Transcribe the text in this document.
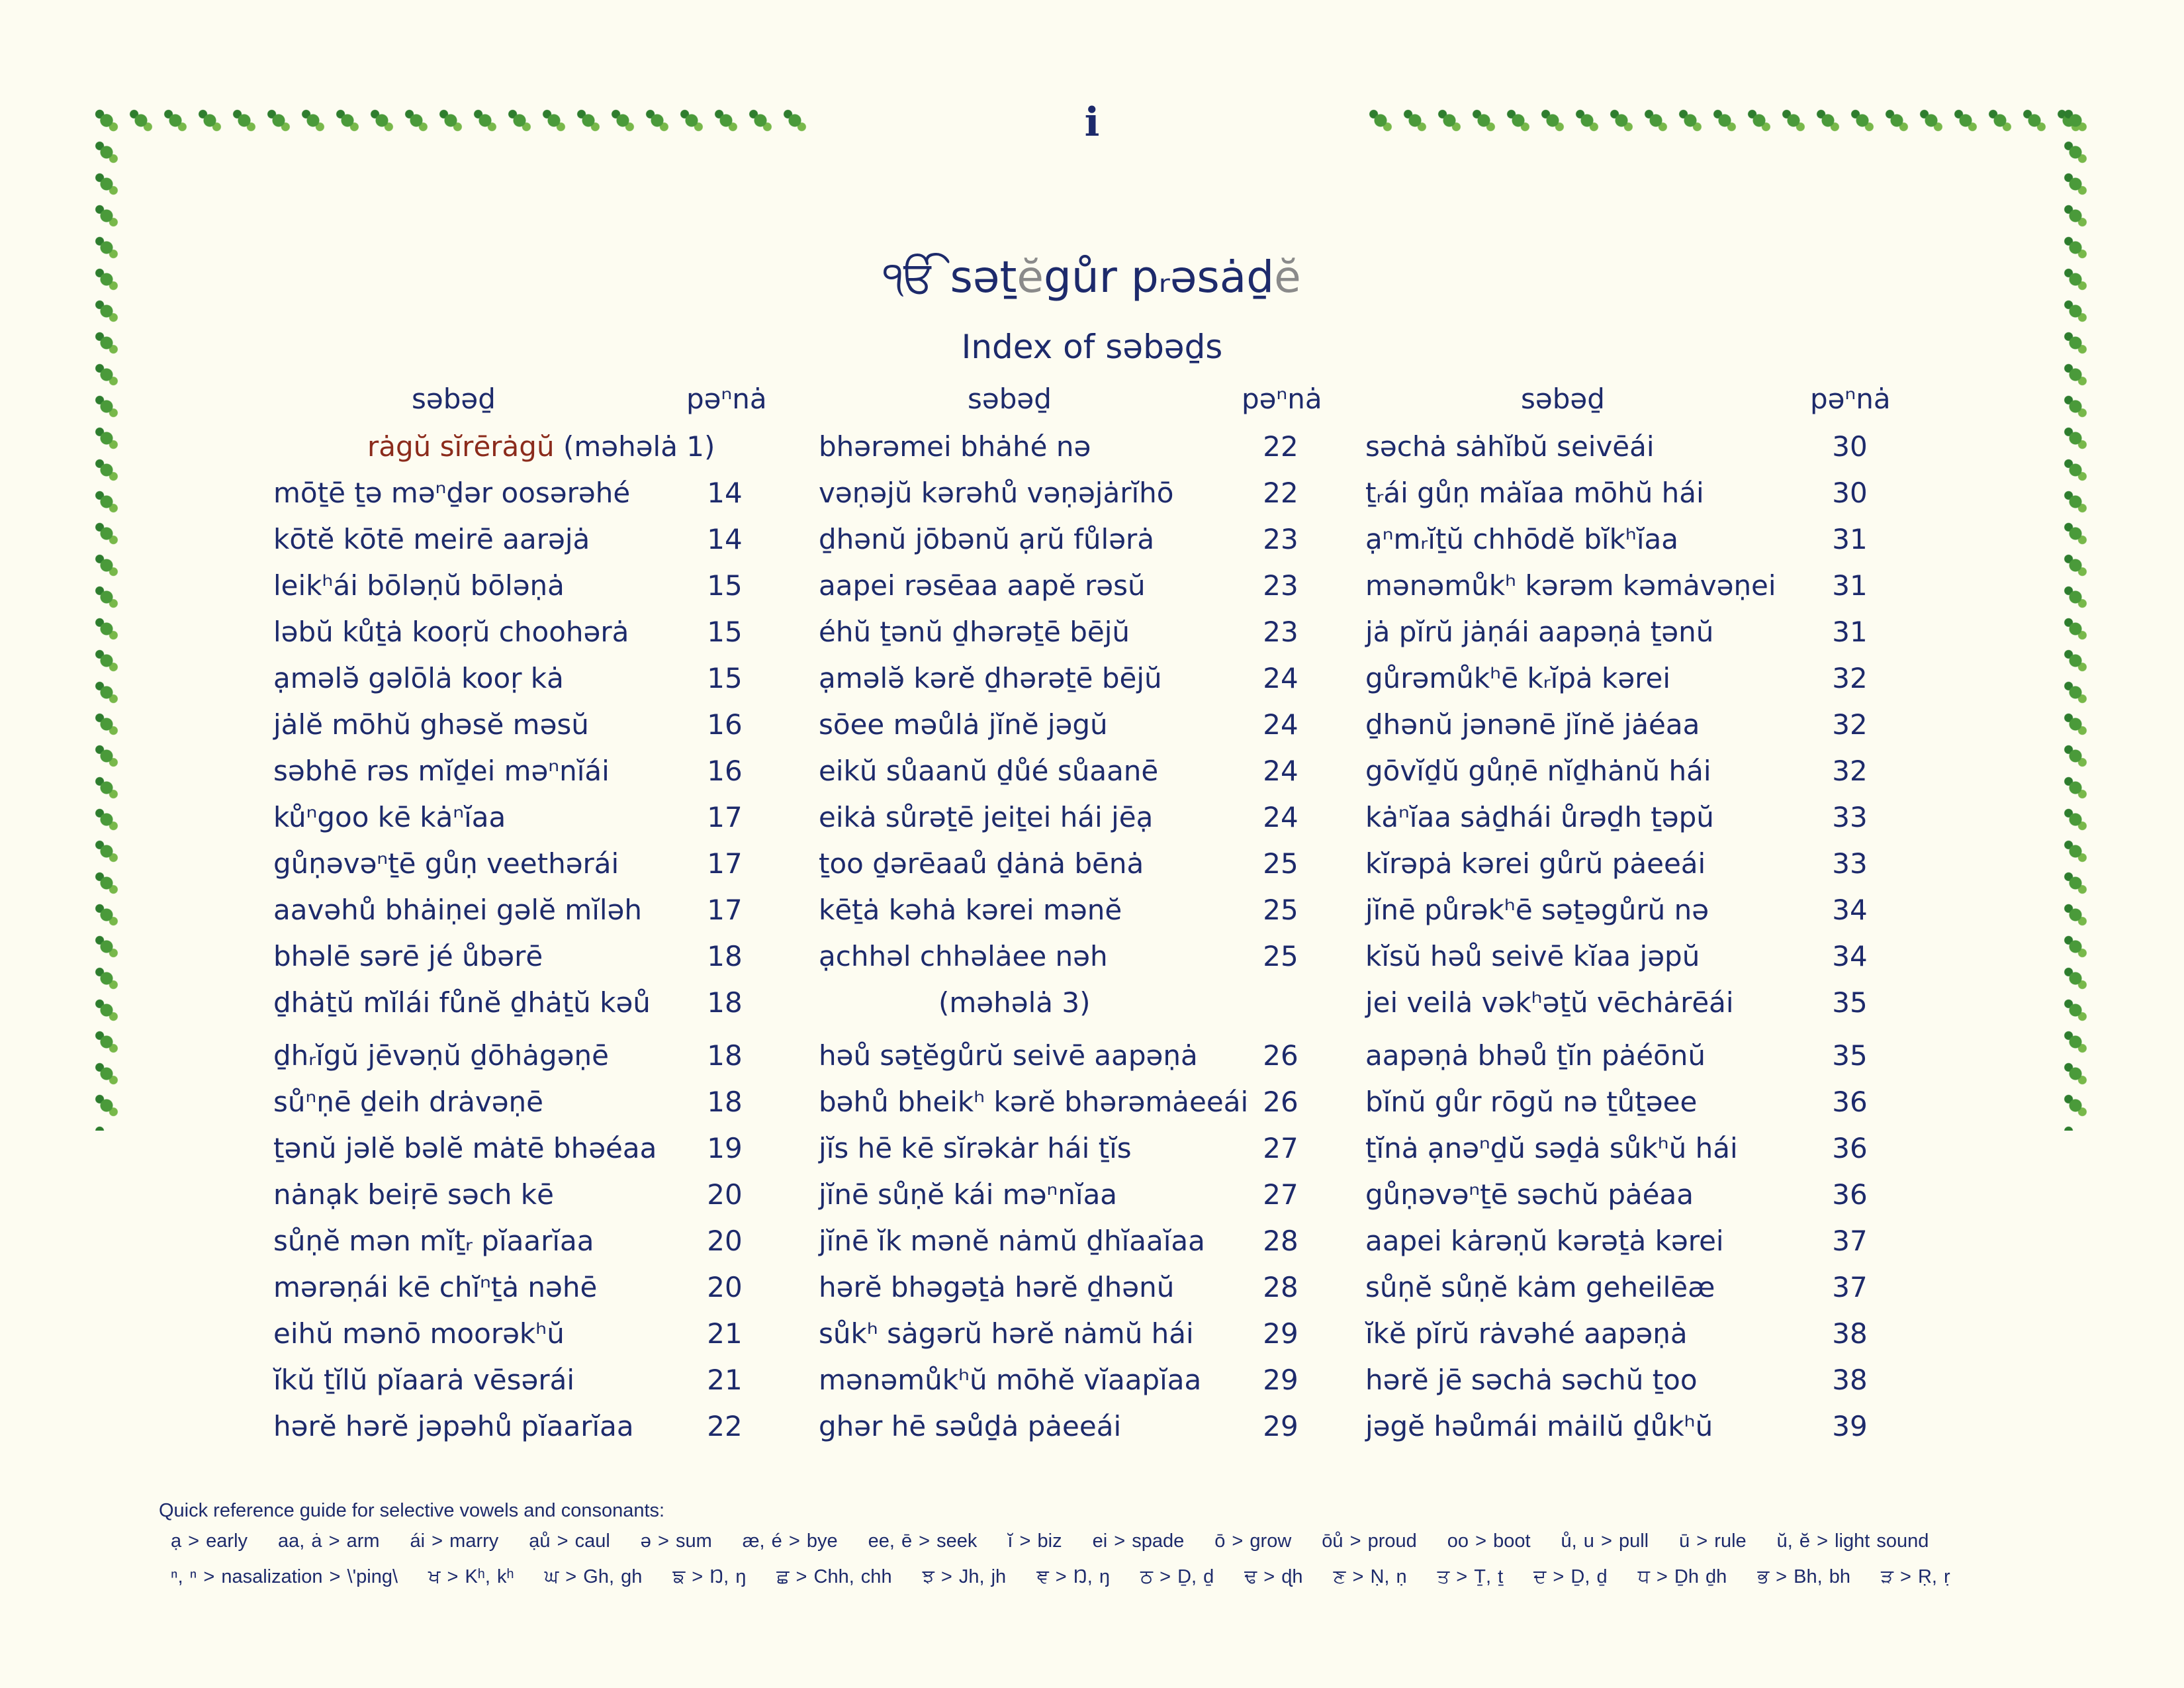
i
ੴ səṯĕgůr pᵣəsȧḏĕ
Index of səbəḏs
səbəḏ	pəⁿnȧ	səbəḏ	pəⁿnȧ	səbəḏ	pəⁿnȧ
rȧgŭ sĭrērȧgŭ (məhəlȧ 1)
(məhəlȧ 3)
mōṯē ṯə məⁿḏər oosərəhé	14
kōtĕ kōtē meirē aarəjȧ	14
leikʰái bōləṇŭ bōləṇȧ	15
ləbŭ kůṯȧ kooṛŭ choohərȧ	15
ạmələ̆ gəlōlȧ kooṛ kȧ	15
jȧlĕ mōhŭ ghəsĕ məsŭ	16
səbhē rəs mĭḏei məⁿnĭái	16
kůⁿgoo kē kȧⁿĭaa	17
gůṇəvəⁿṯē gůṇ veethərái	17
aavəhů bhȧiṇei gəlĕ mĭləh	17
bhəlē sərē jé ůbərē	18
ḏhȧṯŭ mĭlái fůnĕ ḏhȧṯŭ kəů	18
ḏhᵣĭgŭ jēvəṇŭ ḏōhȧgəṇē	18
sůⁿṇē ḏeih drȧvəṇē	18
ṯənŭ jəlĕ bəlĕ mȧtē bhəéaa	19
nȧnạk beiṛē səch kē	20
sůṇĕ mən mĭṯᵣ pĭaarĭaa	20
mərəṇái kē chĭⁿṯȧ nəhē	20
eihŭ mənō moorəkʰŭ	21
ĭkŭ ṯĭlŭ pĭaarȧ vēsərái	21
hərĕ hərĕ jəpəhů pĭaarĭaa	22
bhərəmei bhȧhé nə	22
vəṇəjŭ kərəhů vəṇəjȧrĭhō	22
ḏhənŭ jōbənŭ ạrŭ fůlərȧ	23
aapei rəsēaa aapĕ rəsŭ	23
éhŭ ṯənŭ ḏhərəṯē bējŭ	23
ạmələ̆ kərĕ ḏhərəṯē bējŭ	24
sōee məůlȧ jĭnĕ jəgŭ	24
eikŭ sůaanŭ ḏůé sůaanē	24
eikȧ sůrəṯē jeiṯei hái jēạ	24
ṯoo ḏərēaaů ḏȧnȧ bēnȧ	25
kēṯȧ kəhȧ kərei mənĕ	25
ạchhəl chhəlȧee nəh	25
həů səṯĕgůrŭ seivē aapəṇȧ	26
bəhů bheikʰ kərĕ bhərəmȧeeái 26
jĭs hē kē sĭrəkȧr hái ṯĭs	27
jĭnē sůṇĕ kái məⁿnĭaa	27
jĭnē ĭk mənĕ nȧmŭ ḏhĭaaĭaa	28
hərĕ bhəgəṯȧ hərĕ ḏhənŭ	28
sůkʰ sȧgərŭ hərĕ nȧmŭ hái	29
mənəmůkʰŭ mōhĕ vĭaapĭaa	29
ghər hē səůḏȧ pȧeeái	29
səchȧ sȧhĭbŭ seivēái	30
ṯᵣái gůṇ mȧĭaa mōhŭ hái	30
ạⁿmᵣĭṯŭ chhōdĕ bĭkʰĭaa	31
mənəmůkʰ kərəm kəmȧvəṇei	31
jȧ pĭrŭ jȧṇái aapəṇȧ ṯənŭ	31
gůrəmůkʰē kᵣĭpȧ kərei	32
ḏhənŭ jənənē jĭnĕ jȧéaa	32
gōvĭḏŭ gůṇē nĭḏhȧnŭ hái	32
kȧⁿĭaa sȧḏhái ůrəḏh ṯəpŭ	33
kĭrəpȧ kərei gůrŭ pȧeeái	33
jĭnē půrəkʰē səṯəgůrŭ nə	34
kĭsŭ həů seivē kĭaa jəpŭ	34
jei veilȧ vəkʰəṯŭ vēchȧrēái	35
aapəṇȧ bhəů ṯĭn pȧéōnŭ	35
bĭnŭ gůr rōgŭ nə ṯůṯəee	36
ṯĭnȧ ạnəⁿḏŭ səḏȧ sůkʰŭ hái	36
gůṇəvəⁿṯē səchŭ pȧéaa	36
aapei kȧrəṇŭ kərəṯȧ kərei	37
sůṇĕ sůṇĕ kȧm geheilēæ	37
ĭkĕ pĭrŭ rȧvəhé aapəṇȧ	38
hərĕ jē səchȧ səchŭ ṯoo	38
jəgĕ həůmái mȧilŭ ḏůkʰŭ	39
Quick reference guide for selective vowels and consonants:
ạ > early aa, ȧ > arm ái > marry ạů > caul ə > sum æ, é > bye ee, ē > seek ĭ > biz ei > spade ō > grow ōů > proud oo > boot ů, u > pull ū > rule ŭ, ĕ > light sound
ⁿ, ⁿ > nasalization > \'ping\ ਖ > Kʰ, kʰ ਘ > Gh, gh ਙ > Ŋ, ŋ ਛ > Chh, chh ਝ > Jh, jh ਞ > Ŋ, ŋ ਠ > Ḏ, ḏ ਢ > ɖh ਣ > Ṇ, ṇ ਤ > Ṯ, ṯ ਦ > Ḏ, ḏ ਧ > Ḏh ḏh ਭ > Bh, bh ੜ > Ṛ, ṛ
